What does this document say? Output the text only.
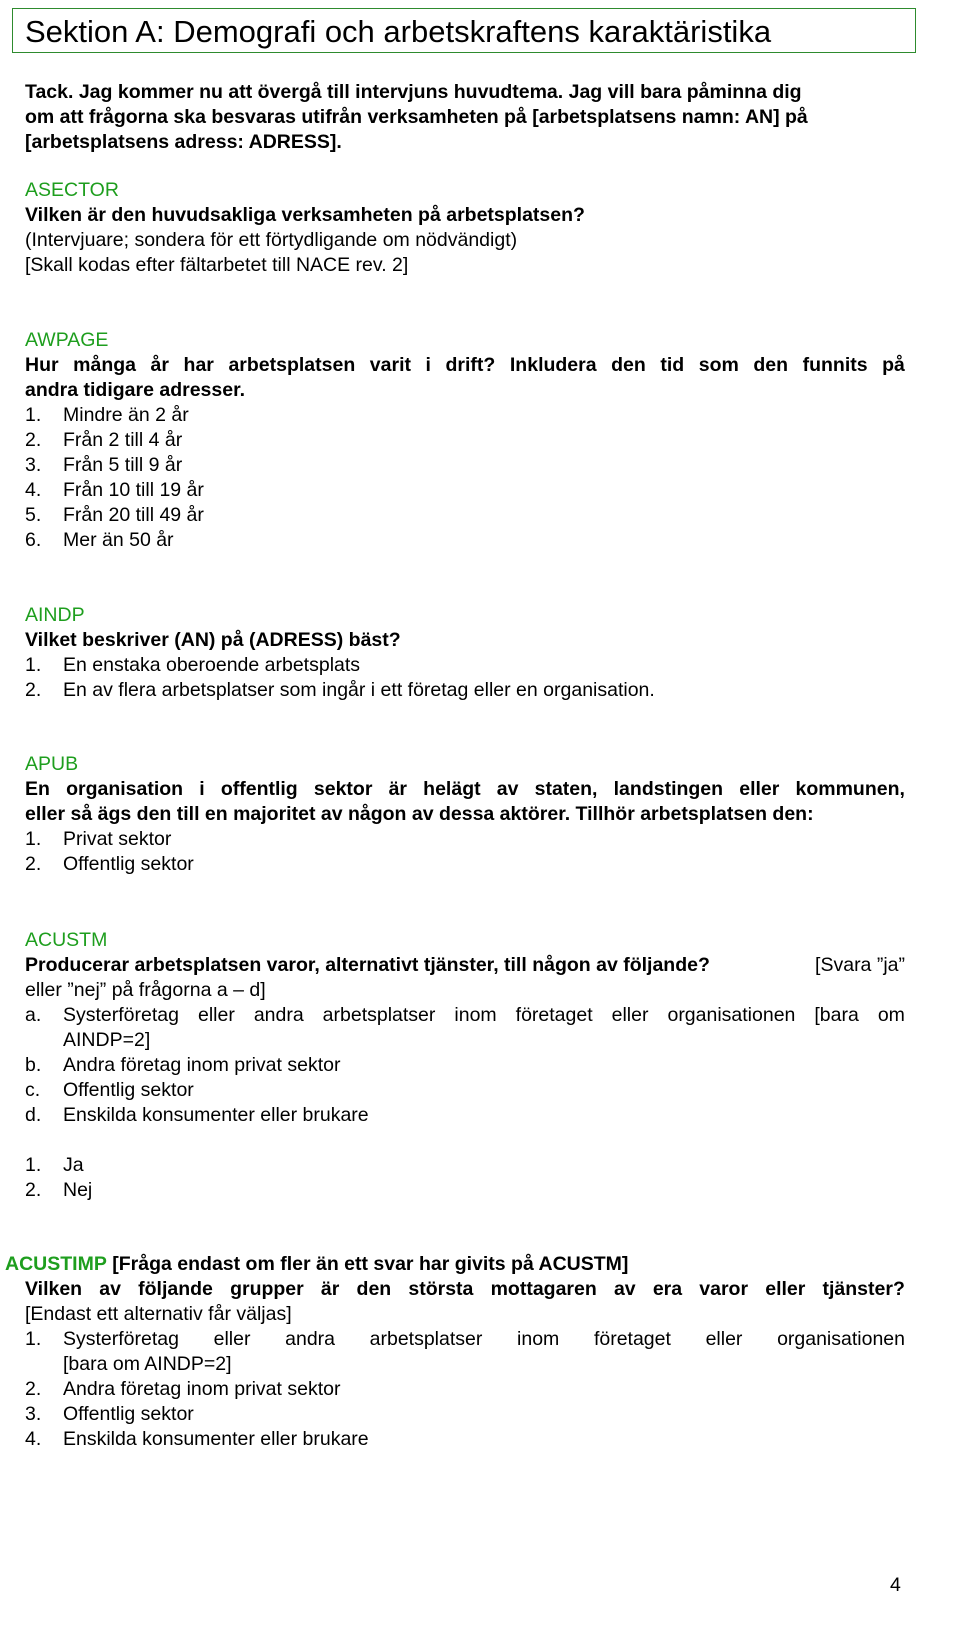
Sektion A: Demografi och arbetskraftens karaktäristika
Tack. Jag kommer nu att övergå till intervjuns huvudtema. Jag vill bara påminna dig
om att frågorna ska besvaras utifrån verksamheten på [arbetsplatsens namn: AN] på
[arbetsplatsens adress: ADRESS].
ASECTOR
Vilken är den huvudsakliga verksamheten på arbetsplatsen?
(Intervjuare; sondera för ett förtydligande om nödvändigt)
[Skall kodas efter fältarbetet till NACE rev. 2]
AWPAGE
Hur många år har arbetsplatsen varit i drift? Inkludera den tid som den funnits på
andra tidigare adresser.
1. Mindre än 2 år
2. Från 2 till 4 år
3. Från 5 till 9 år
4. Från 10 till 19 år
5. Från 20 till 49 år
6. Mer än 50 år
AINDP
Vilket beskriver (AN) på (ADRESS) bäst?
1. En enstaka oberoende arbetsplats
2. En av flera arbetsplatser som ingår i ett företag eller en organisation.
APUB
En organisation i offentlig sektor är helägt av staten, landstingen eller kommunen,
eller så ägs den till en majoritet av någon av dessa aktörer. Tillhör arbetsplatsen den:
1. Privat sektor
2. Offentlig sektor
ACUSTM
Producerar arbetsplatsen varor, alternativt tjänster, till någon av följande?	[Svara ”ja”
eller ”nej” på frågorna a – d]
a. Systerföretag eller andra arbetsplatser inom företaget eller organisationen [bara om
AINDP=2]
b. Andra företag inom privat sektor
c. Offentlig sektor
d. Enskilda konsumenter eller brukare
1. Ja
2. Nej
ACUSTIMP [Fråga endast om fler än ett svar har givits på ACUSTM]
Vilken av följande grupper är den största mottagaren av era varor eller tjänster?
[Endast ett alternativ får väljas]
1. Systerföretag eller andra arbetsplatser inom företaget eller organisationen
[bara om AINDP=2]
2. Andra företag inom privat sektor
3. Offentlig sektor
4. Enskilda konsumenter eller brukare
4
